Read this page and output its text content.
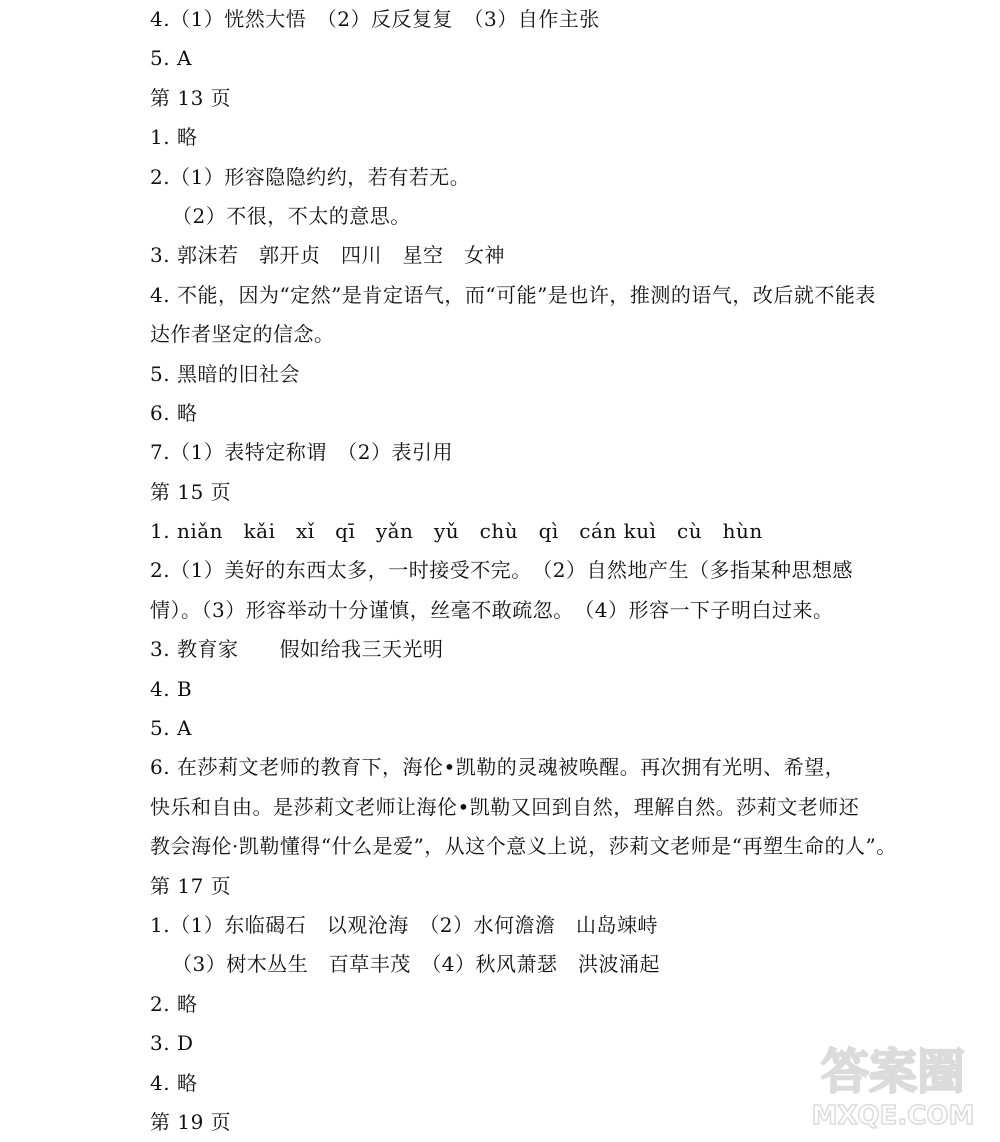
4.（1）恍然大悟　（2）反反复复　（3）自作主张
5. A
第 13 页
1. 略
2.（1）形容隐隐约约，若有若无。
（2）不很，不太的意思。
3. 郭沫若　郭开贞　四川　星空　女神
4. 不能，因为“定然”是肯定语气，而“可能”是也许，推测的语气，改后就不能表
达作者坚定的信念。
5. 黑暗的旧社会
6. 略
7.（1）表特定称谓　（2）表引用
第 15 页
1. niǎn　kǎi　xǐ　qī　yǎn　yǔ　chù　qì　cán kuì　cù　hùn
2.（1）美好的东西太多，一时接受不完。　（2）自然地产生（多指某种思想感
情）。（3）形容举动十分谨慎，丝毫不敢疏忽。　（4）形容一下子明白过来。
3. 教育家　　假如给我三天光明
4. B
5. A
6. 在莎莉文老师的教育下，海伦•凯勒的灵魂被唤醒。再次拥有光明、希望，
快乐和自由。是莎莉文老师让海伦•凯勒又回到自然，理解自然。莎莉文老师还
教会海伦·凯勒懂得“什么是爱”，从这个意义上说，莎莉文老师是“再塑生命的人”。
第 17 页
1.（1）东临碣石　以观沧海　（2）水何澹澹　山岛竦峙
（3）树木丛生　百草丰茂　（4）秋风萧瑟　洪波涌起
2. 略
3. D
4. 略
第 19 页
答案圈
MXQE.COM
